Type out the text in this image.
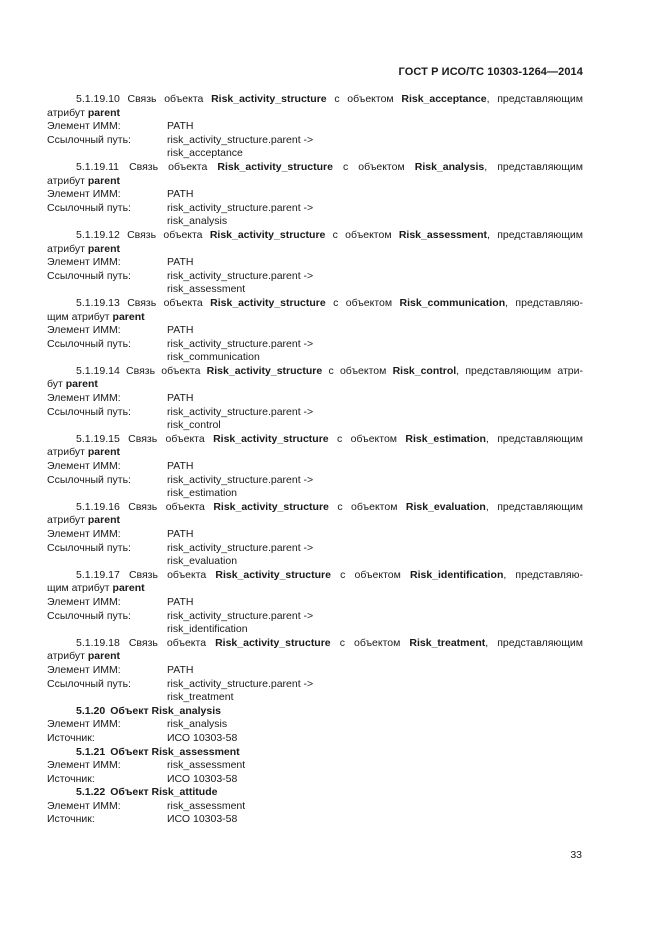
ГОСТ Р ИСО/ТС 10303-1264—2014
5.1.19.10 Связь объекта Risk_activity_structure с объектом Risk_acceptance, представляющим
атрибут parent
Элемент ИММ:	PATH
Ссылочный путь:	risk_activity_structure.parent ->
risk_acceptance
5.1.19.11 Связь объекта Risk_activity_structure с объектом Risk_analysis, представляющим
атрибут parent
Элемент ИММ:	PATH
Ссылочный путь:	risk_activity_structure.parent ->
risk_analysis
5.1.19.12 Связь объекта Risk_activity_structure с объектом Risk_assessment, представляющим
атрибут parent
Элемент ИММ:	PATH
Ссылочный путь:	risk_activity_structure.parent ->
risk_assessment
5.1.19.13 Связь объекта Risk_activity_structure с объектом Risk_communication, представляю-
щим атрибут parent
Элемент ИММ:	PATH
Ссылочный путь:	risk_activity_structure.parent ->
risk_communication
5.1.19.14 Связь объекта Risk_activity_structure с объектом Risk_control, представляющим атри-
бут parent
Элемент ИММ:	PATH
Ссылочный путь:	risk_activity_structure.parent ->
risk_control
5.1.19.15 Связь объекта Risk_activity_structure с объектом Risk_estimation, представляющим
атрибут parent
Элемент ИММ:	PATH
Ссылочный путь:	risk_activity_structure.parent ->
risk_estimation
5.1.19.16 Связь объекта Risk_activity_structure с объектом Risk_evaluation, представляющим
атрибут parent
Элемент ИММ:	PATH
Ссылочный путь:	risk_activity_structure.parent ->
risk_evaluation
5.1.19.17 Связь объекта Risk_activity_structure с объектом Risk_identification, представляю-
щим атрибут parent
Элемент ИММ:	PATH
Ссылочный путь:	risk_activity_structure.parent ->
risk_identification
5.1.19.18 Связь объекта Risk_activity_structure с объектом Risk_treatment, представляющим
атрибут parent
Элемент ИММ:	PATH
Ссылочный путь:	risk_activity_structure.parent ->
risk_treatment
5.1.20 Объект Risk_analysis
Элемент ИММ:	risk_analysis
Источник:	ИСО 10303-58
5.1.21 Объект Risk_assessment
Элемент ИММ:	risk_assessment
Источник:	ИСО 10303-58
5.1.22 Объект Risk_attitude
Элемент ИММ:	risk_assessment
Источник:	ИСО 10303-58
33
